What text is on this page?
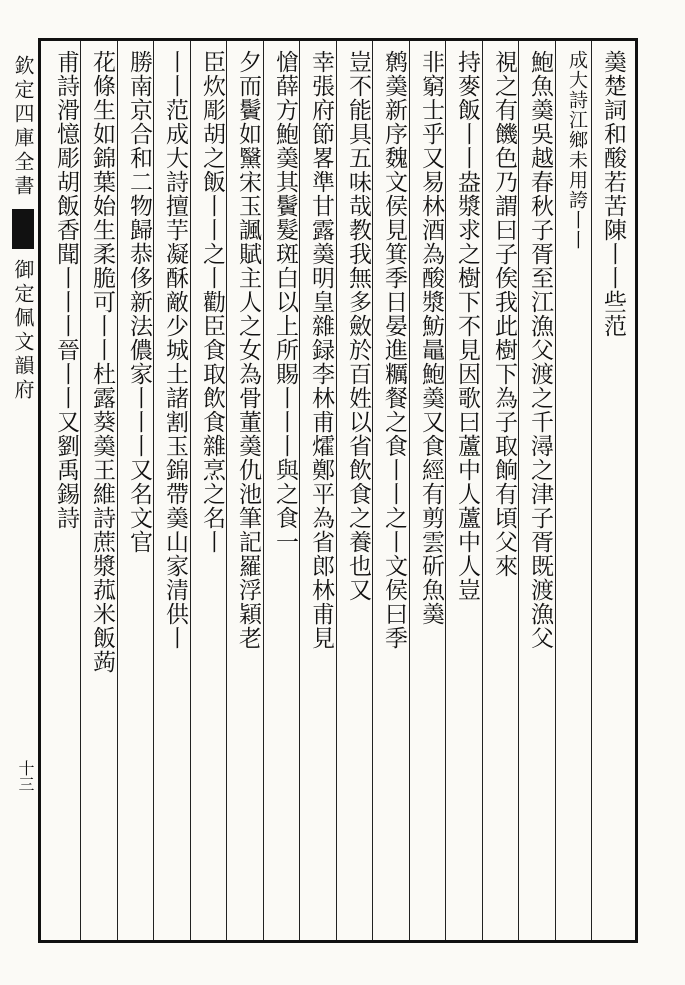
欽定四庫全書御定佩文韻府
十三
羮楚詞和酸若苦陳丨丨些范
成大詩江鄉未用誇丨丨
鮑魚羮吳越春秋子胥至江漁父渡之千潯之津子胥既渡漁父
視之有饑色乃謂曰子俟我此樹下為子取餉有頃父來
持麥飯丨丨盎漿求之樹下不見因歌曰蘆中人蘆中人豈
非窮士乎又易林酒為酸漿魴鼂鮑羮又食經有剪雲斫魚羮
鹩羮新序魏文侯見箕季日晏進糲餐之食丨丨之丨文侯曰季
豈不能具五味哉教我無多斂於百姓以省飲食之養也又
幸張府節畧準甘露羮明皇雜録李林甫㸌鄭平為省郎林甫見
愴薛方鮑羮其鬢髮斑白以上所賜丨丨丨與之食一
夕而鬢如黳宋玉諷賦主人之女為骨董羮仇池筆記羅浮穎老
臣炊彫胡之飯丨丨之丨勸臣食取飲食雜烹之名丨
丨丨范成大詩擅芋凝酥敵少城土諸割玉錦帶羮山家清供丨
勝南京合和二物歸恭侈新法儂家丨丨丨又名文官
花條生如錦葉始生柔脆可丨丨杜露葵羮王維詩蔗漿菰米飯蒟
甫詩滑憶彫胡飯香聞丨丨丨晉丨丨又劉禹錫詩
